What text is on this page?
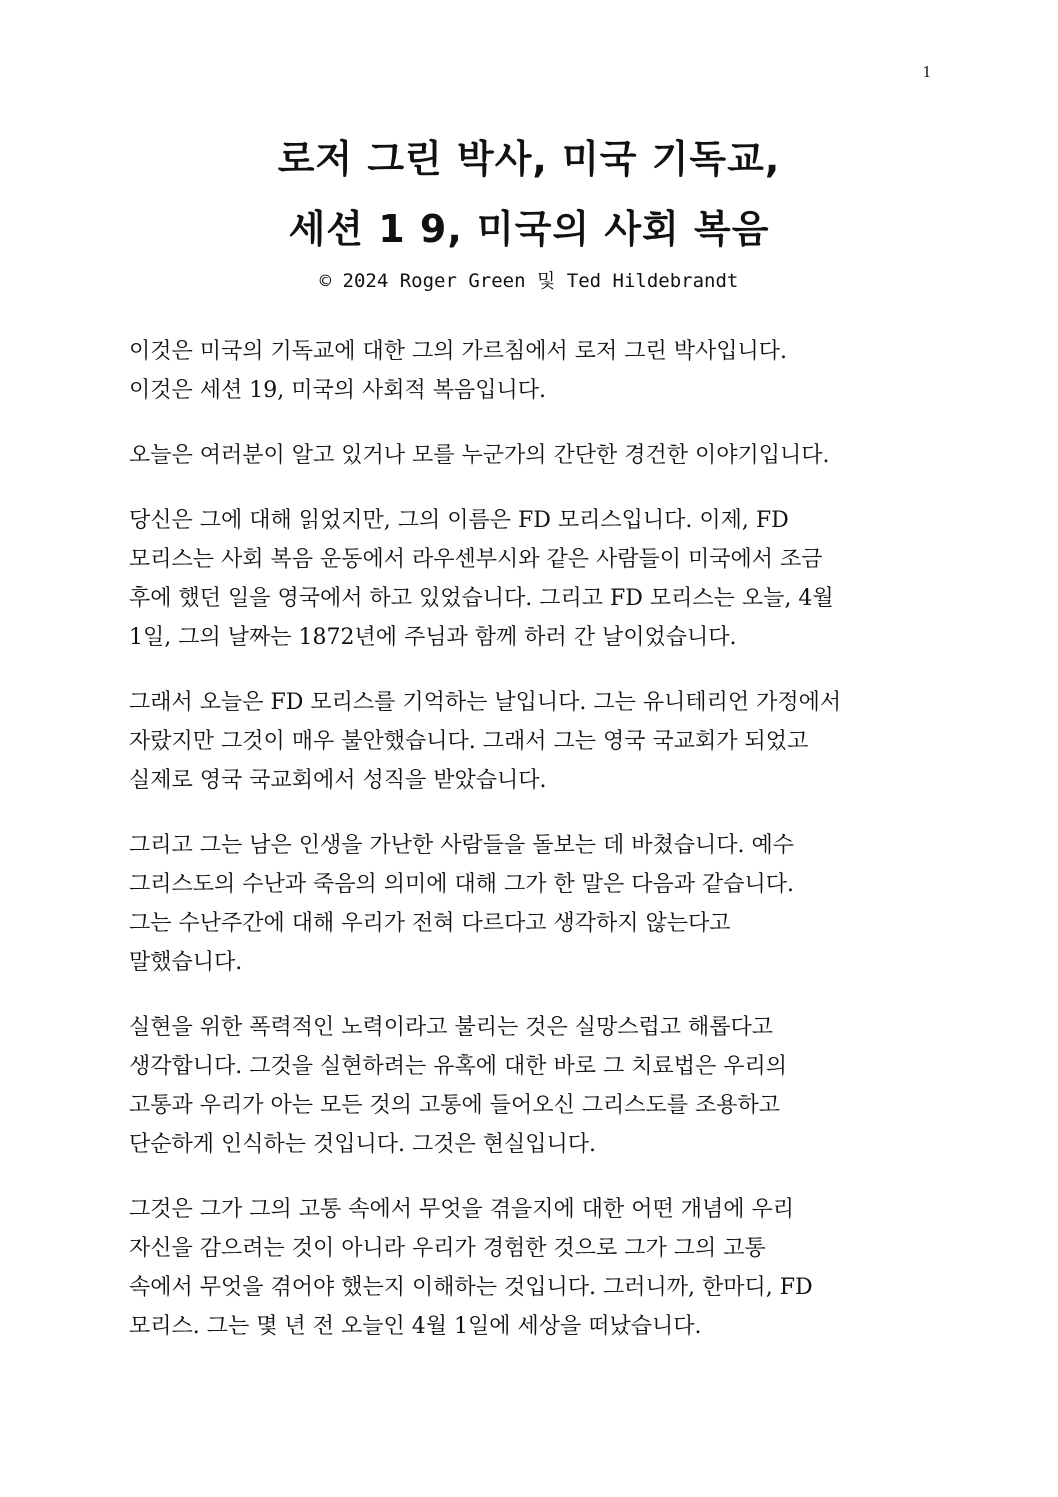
1
로저 그린 박사, 미국 기독교,
세션 1 9, 미국의 사회 복음
© 2024 Roger Green 및 Ted Hildebrandt

이것은 미국의 기독교에 대한 그의 가르침에서 로저 그린 박사입니다.
이것은 세션 19, 미국의 사회적 복음입니다.

오늘은 여러분이 알고 있거나 모를 누군가의 간단한 경건한 이야기입니다.

당신은 그에 대해 읽었지만, 그의 이름은 FD 모리스입니다. 이제, FD
모리스는 사회 복음 운동에서 라우센부시와 같은 사람들이 미국에서 조금
후에 했던 일을 영국에서 하고 있었습니다. 그리고 FD 모리스는 오늘, 4월
1일, 그의 날짜는 1872년에 주님과 함께 하러 간 날이었습니다.

그래서 오늘은 FD 모리스를 기억하는 날입니다. 그는 유니테리언 가정에서
자랐지만 그것이 매우 불안했습니다. 그래서 그는 영국 국교회가 되었고
실제로 영국 국교회에서 성직을 받았습니다.

그리고 그는 남은 인생을 가난한 사람들을 돌보는 데 바쳤습니다. 예수
그리스도의 수난과 죽음의 의미에 대해 그가 한 말은 다음과 같습니다.
그는 수난주간에 대해 우리가 전혀 다르다고 생각하지 않는다고
말했습니다.

실현을 위한 폭력적인 노력이라고 불리는 것은 실망스럽고 해롭다고
생각합니다. 그것을 실현하려는 유혹에 대한 바로 그 치료법은 우리의
고통과 우리가 아는 모든 것의 고통에 들어오신 그리스도를 조용하고
단순하게 인식하는 것입니다. 그것은 현실입니다.

그것은 그가 그의 고통 속에서 무엇을 겪을지에 대한 어떤 개념에 우리
자신을 감으려는 것이 아니라 우리가 경험한 것으로 그가 그의 고통
속에서 무엇을 겪어야 했는지 이해하는 것입니다. 그러니까, 한마디, FD
모리스. 그는 몇 년 전 오늘인 4월 1일에 세상을 떠났습니다.
